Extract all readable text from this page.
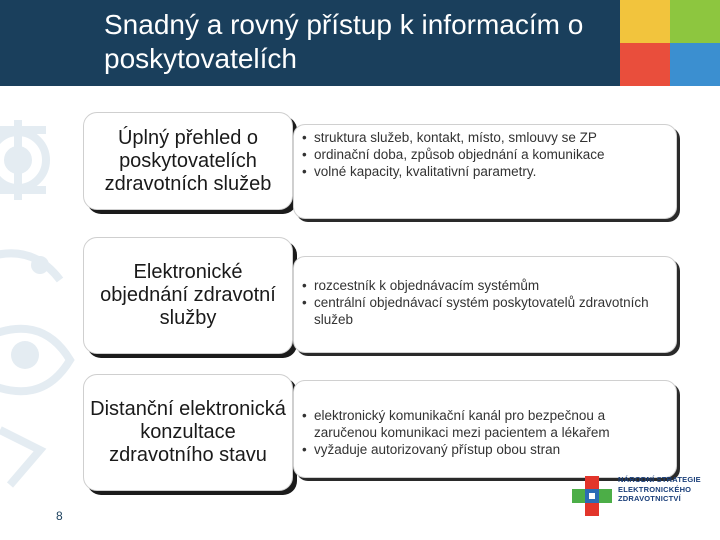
Snadný a rovný přístup k informacím o poskytovatelích
Úplný přehled o poskytovatelích zdravotních služeb
• struktura služeb, kontakt, místo, smlouvy se ZP
• ordinační doba, způsob objednání a komunikace
• volné kapacity, kvalitativní parametry.
Elektronické objednání zdravotní služby
• rozcestník k objednávacím systémům
• centrální objednávací systém poskytovatelů zdravotních služeb
Distanční elektronická konzultace zdravotního stavu
• elektronický komunikační kanál pro bezpečnou a zaručenou komunikaci mezi pacientem a lékařem
• vyžaduje autorizovaný přístup obou stran
8
NÁRODNÍ STRATEGIE ELEKTRONICKÉHO ZDRAVOTNICTVÍ
